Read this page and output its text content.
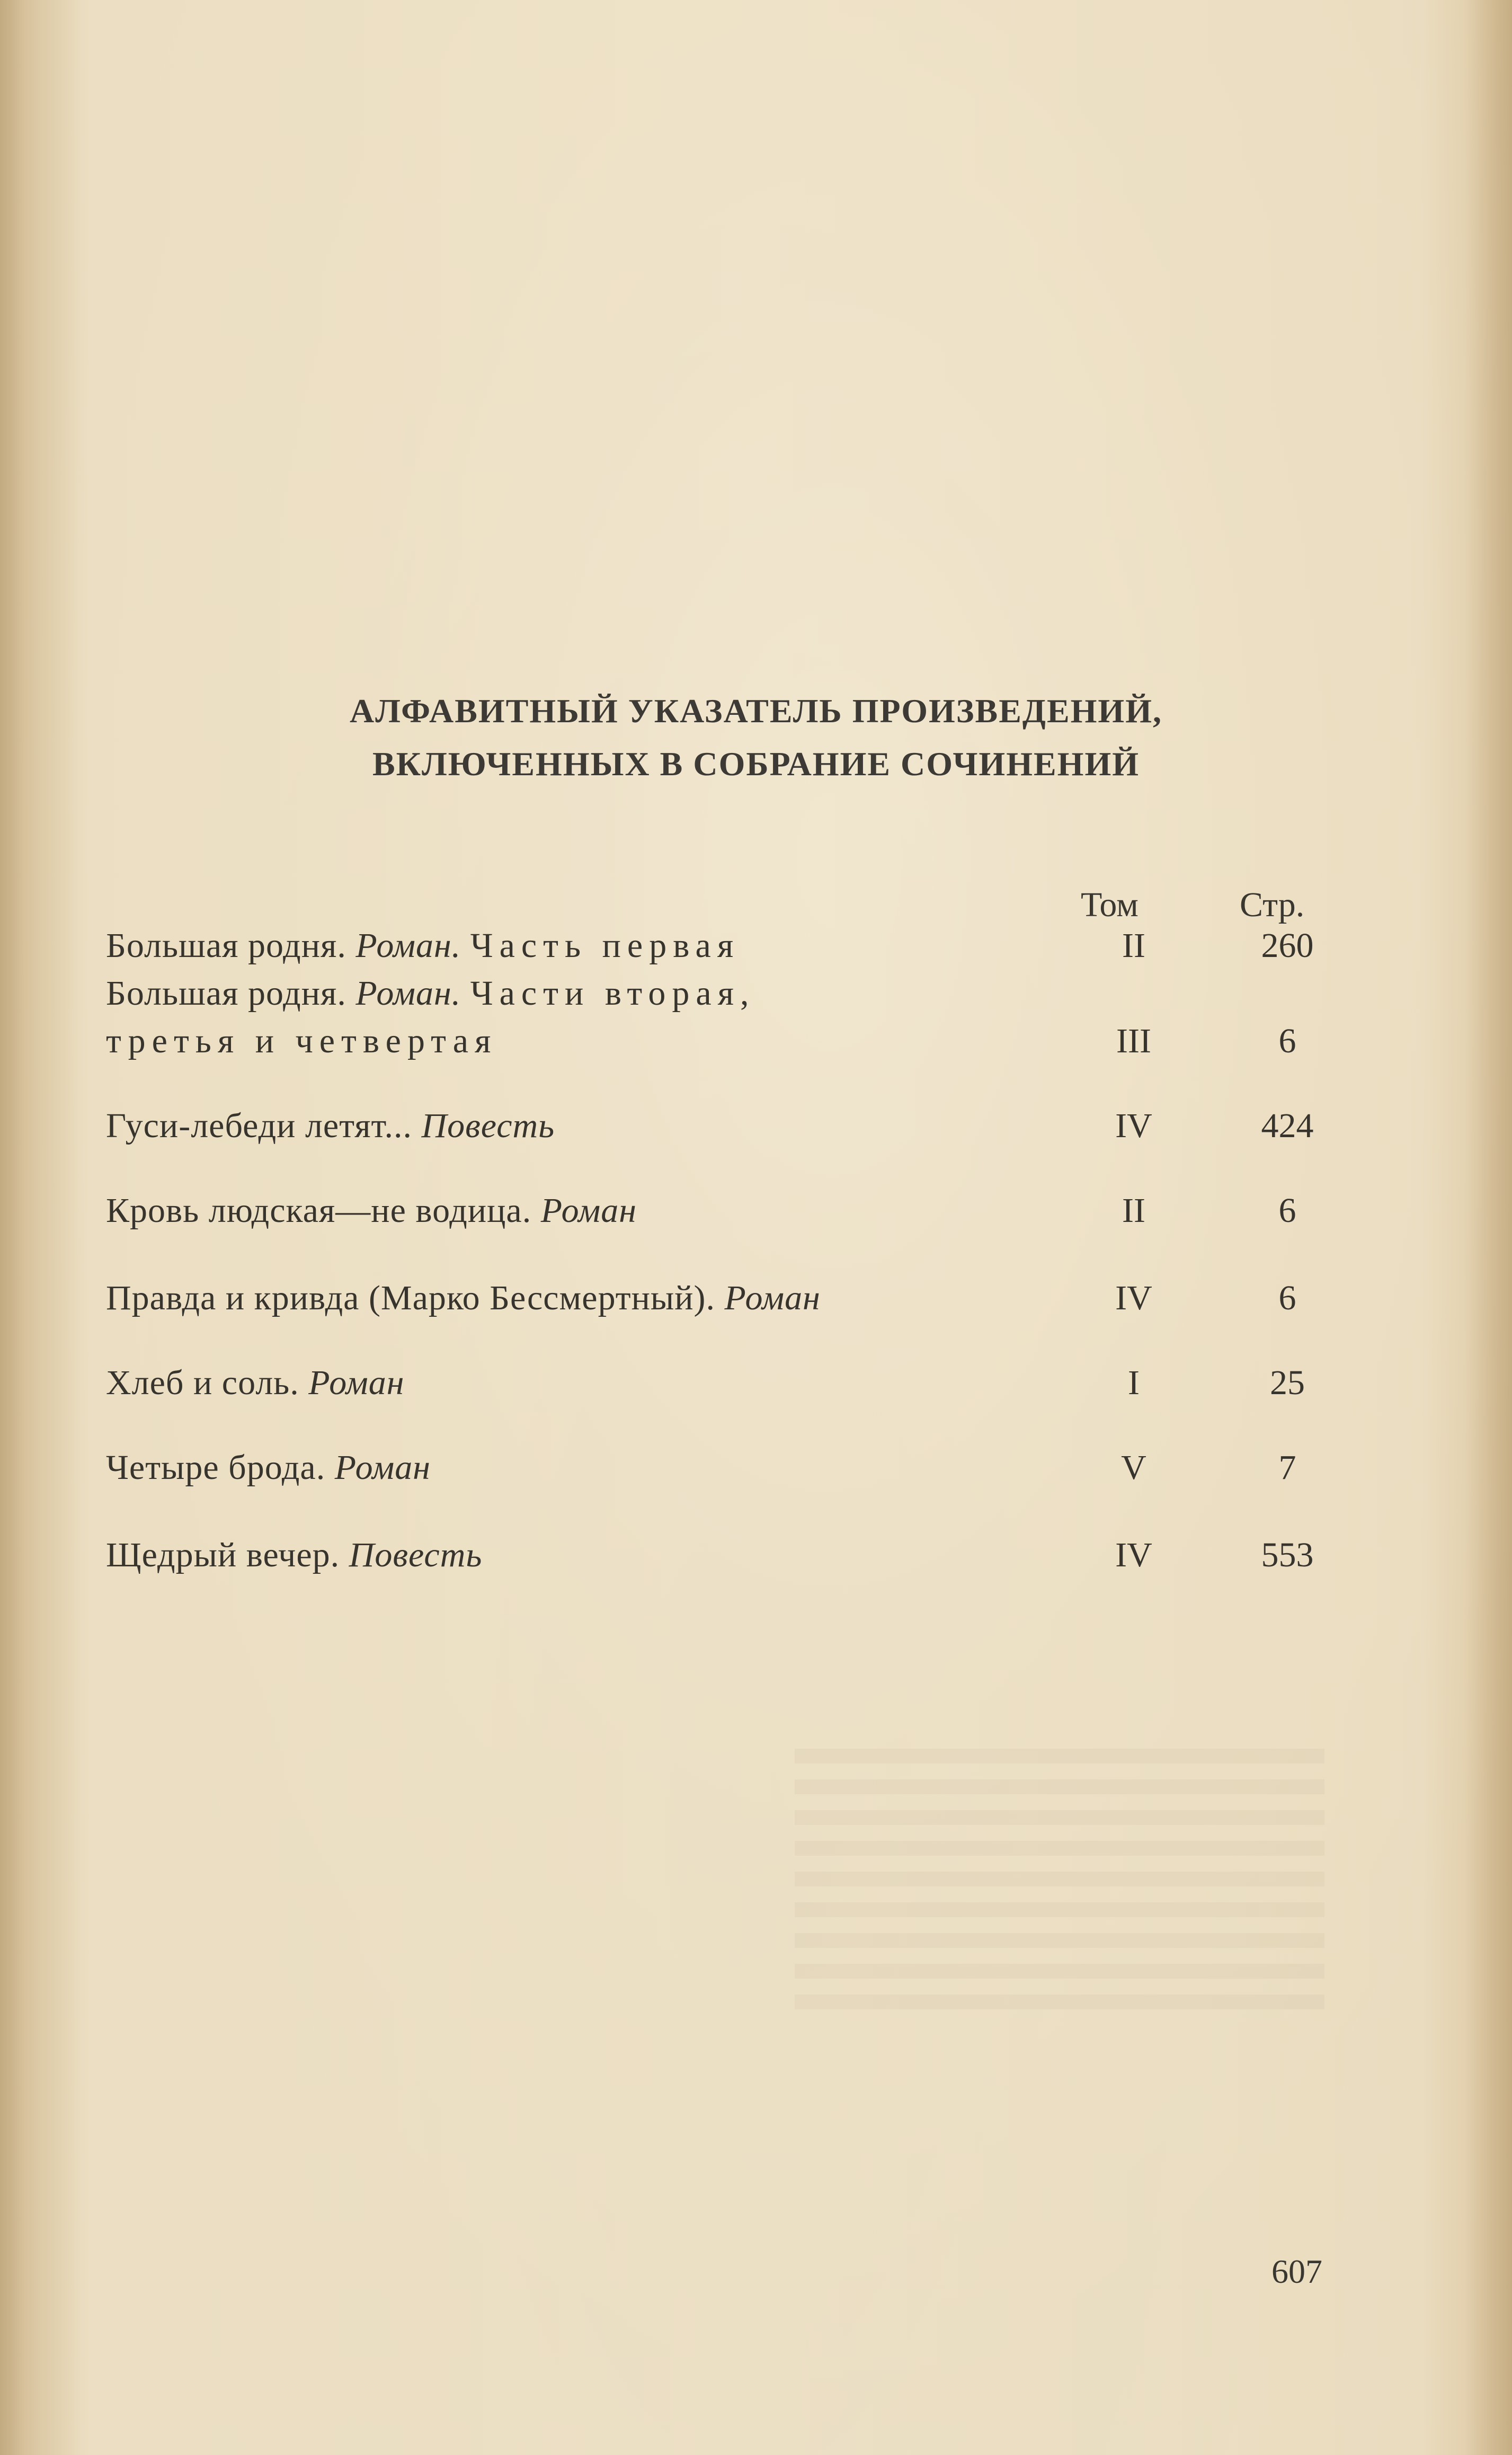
АЛФАВИТНЫЙ УКАЗАТЕЛЬ ПРОИЗВЕДЕНИЙ,
ВКЛЮЧЕННЫХ В СОБРАНИЕ СОЧИНЕНИЙ
Том	Стр.
Большая родня. Роман. Часть первая	II	260
Большая родня. Роман. Части вторая,
третья и четвертая	III	6
Гуси-лебеди летят... Повесть	IV	424
Кровь людская—не водица. Роман	II	6
Правда и кривда (Марко Бессмертный). Роман	IV	6
Хлеб и соль. Роман	I	25
Четыре брода. Роман	V	7
Щедрый вечер. Повесть	IV	553
607
